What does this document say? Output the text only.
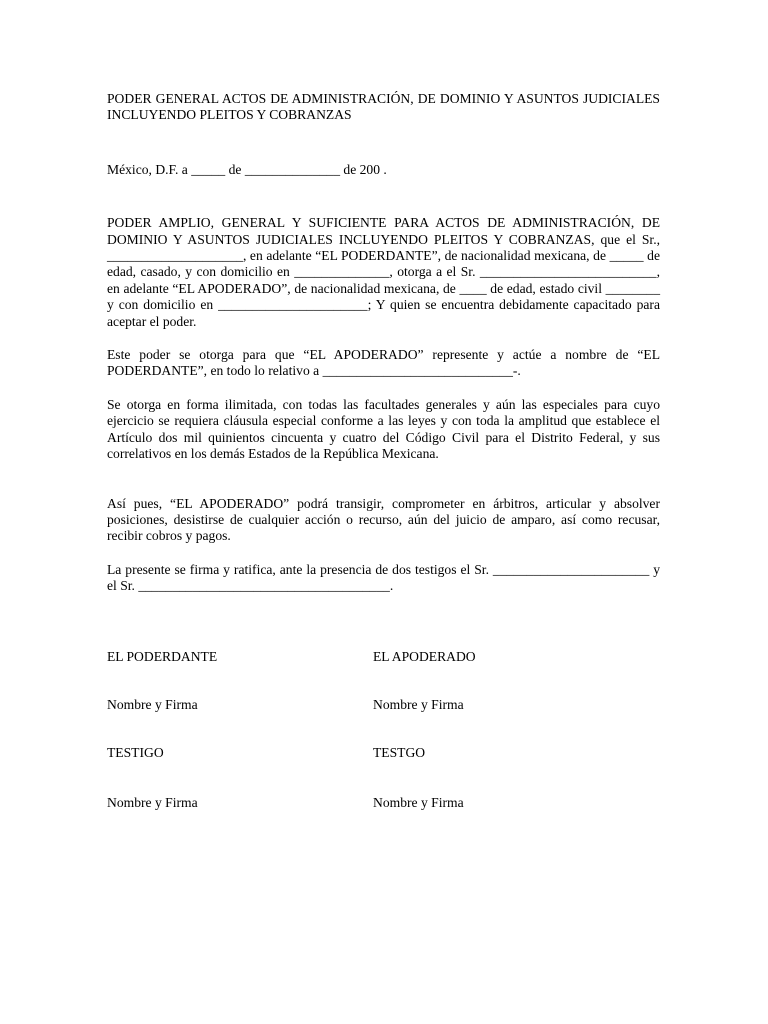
PODER GENERAL ACTOS DE ADMINISTRACIÓN, DE DOMINIO Y ASUNTOS JUDICIALES INCLUYENDO PLEITOS Y COBRANZAS

México, D.F. a _____ de ______________ de 200 .

PODER AMPLIO, GENERAL Y SUFICIENTE PARA ACTOS DE ADMINISTRACIÓN, DE DOMINIO Y ASUNTOS JUDICIALES INCLUYENDO PLEITOS Y COBRANZAS, que el Sr., ____________________, en adelante “EL PODERDANTE”, de nacionalidad mexicana, de _____ de edad, casado, y con domicilio en ______________, otorga a el Sr. __________________________, en adelante “EL APODERADO”, de nacionalidad mexicana, de ____ de edad, estado civil ________ y con domicilio en ______________________; Y quien se encuentra debidamente capacitado para aceptar el poder.

Este poder se otorga para que “EL APODERADO” represente y actúe a nombre de “EL PODERDANTE”, en todo lo relativo a ____________________________-.

Se otorga en forma ilimitada, con todas las facultades generales y aún las especiales para cuyo ejercicio se requiera cláusula especial conforme a las leyes y con toda la amplitud que establece el Artículo dos mil quinientos cincuenta y cuatro del Código Civil para el Distrito Federal, y sus correlativos en los demás Estados de la República Mexicana.

Así pues, “EL APODERADO” podrá transigir, comprometer en árbitros, articular y absolver posiciones, desistirse de cualquier acción o recurso, aún del juicio de amparo, así como recusar, recibir cobros y pagos.

La presente se firma y ratifica, ante la presencia de dos testigos el Sr. _______________________ y el Sr. _____________________________________.

EL PODERDANTE	EL APODERADO
Nombre y Firma	Nombre y Firma
TESTIGO	TESTGO
Nombre y Firma	Nombre y Firma
